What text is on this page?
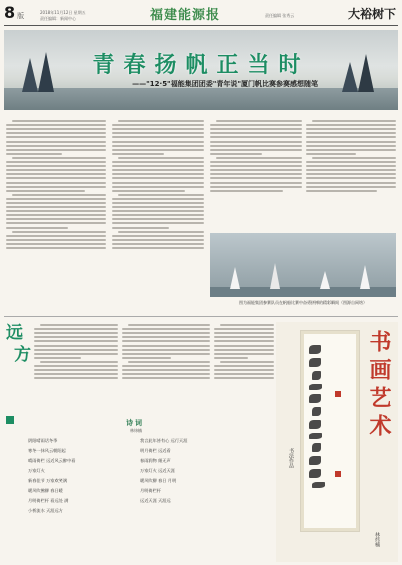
8 版	2018年11月12日 星期五
责任编辑：新闻中心	福建能源报	责任编辑 张秀云	大裕树下
青春扬帆正当时
——"12·5"福能集团团委"青年说"厦门帆比赛参赛感想随笔
图为福能集团参赛队员在帆船比赛中奋勇拼搏的精彩瞬间（图源自网络）
远
方
诗词
林炜楠
阴阳晴雨话冬季
寒冬一抹风云朝阳起
晴雨倚栏 远近风云醉中看
万家灯火
新春佳节 万家欢笑满
暖风吹拂柳 春日暖
月明倚栏杆 看远处 满
小桥流水 天涯远方
我言此年皆有心 远行天涯
明月倚栏 远近看
春雨润物 细无声
万家灯火 远近天涯
暖风吹柳 春日 月明
月明倚栏杆
远近天涯 天涯远
书画艺术
书法作品
林炜楠
